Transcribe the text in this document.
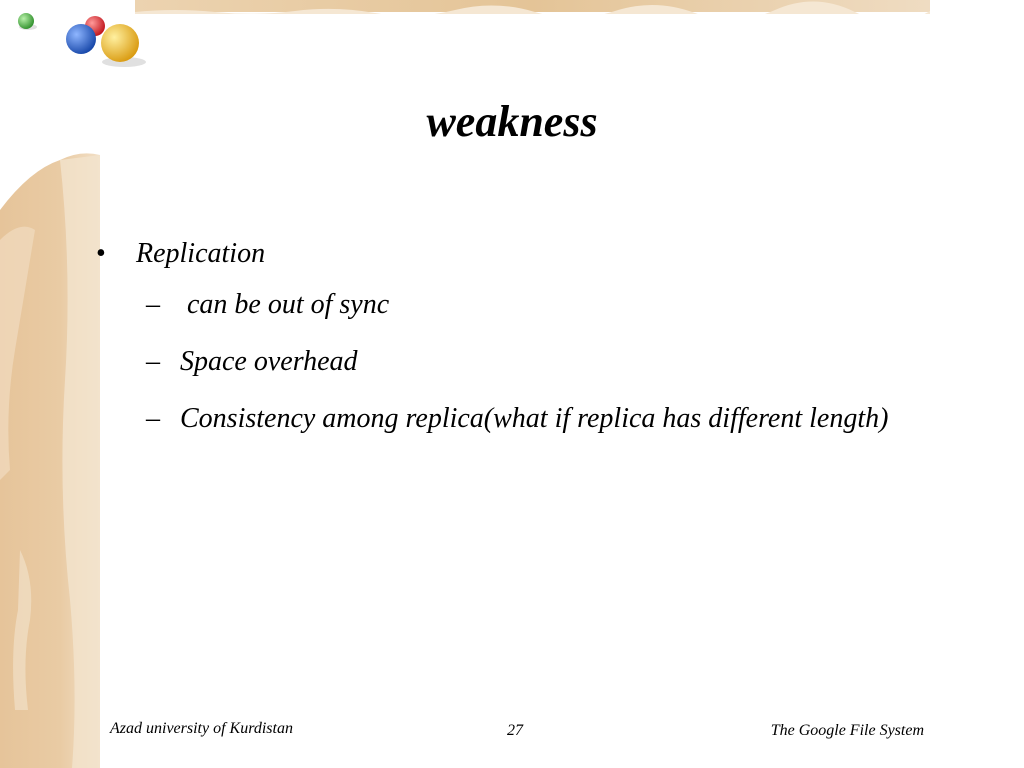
weakness
• Replication
– can be out of sync
– Space overhead
– Consistency among replica(what if replica has different length)
Azad university of Kurdistan	27	The Google File System
